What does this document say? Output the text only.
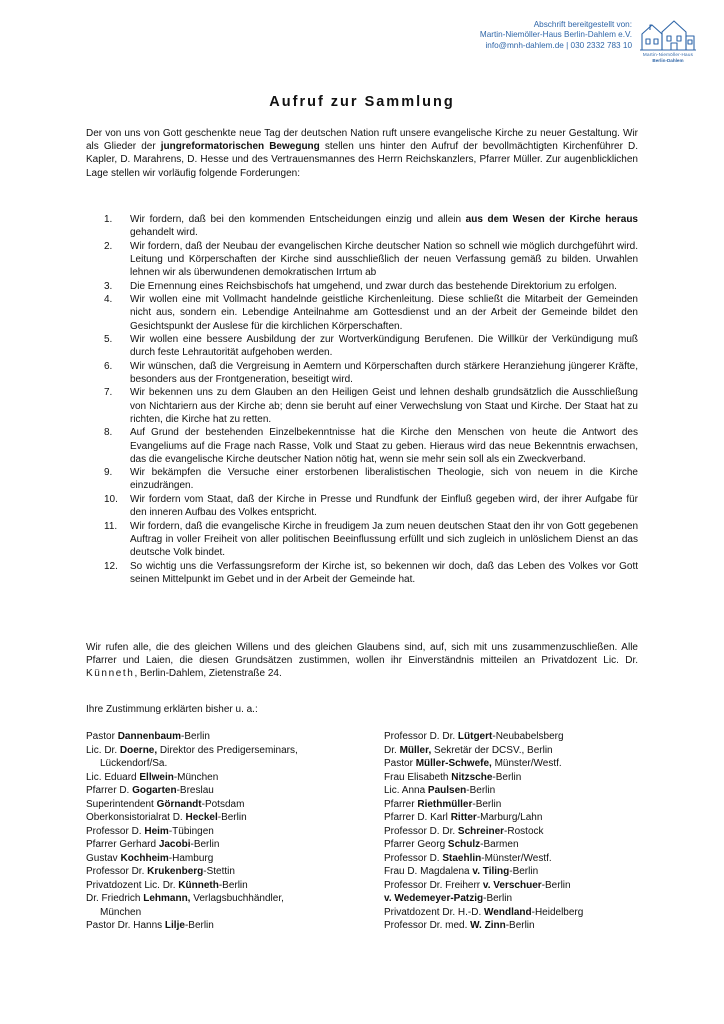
Abschrift bereitgestellt von:
Martin-Niemöller-Haus Berlin-Dahlem e.V.
info@mnh-dahlem.de | 030 2332 783 10
Martin-Niemöller-Haus
Berlin-Dahlem
Aufruf zur Sammlung

Der von uns von Gott geschenkte neue Tag der deutschen Nation ruft unsere evangelische Kirche zu neuer Gestaltung. Wir als Glieder der jungreformatorischen Bewegung stellen uns hinter den Aufruf der bevollmächtigten Kirchenführer D. Kapler, D. Marahrens, D. Hesse und des Vertrauensmannes des Herrn Reichskanzlers, Pfarrer Müller. Zur augenblicklichen Lage stellen wir vorläufig folgende Forderungen:

1.	Wir fordern, daß bei den kommenden Entscheidungen einzig und allein aus dem Wesen der Kirche heraus gehandelt wird.
2.	Wir fordern, daß der Neubau der evangelischen Kirche deutscher Nation so schnell wie möglich durchgeführt wird. Leitung und Körperschaften der Kirche sind ausschließlich der neuen Verfassung gemäß zu bilden. Urwahlen lehnen wir als überwundenen demokratischen Irrtum ab
3.	Die Ernennung eines Reichsbischofs hat umgehend, und zwar durch das bestehende Direktorium zu erfolgen.
4.	Wir wollen eine mit Vollmacht handelnde geistliche Kirchenleitung. Diese schließt die Mitarbeit der Gemeinden nicht aus, sondern ein. Lebendige Anteilnahme am Gottesdienst und an der Arbeit der Gemeinde bildet den Gesichtspunkt der Auslese für die kirchlichen Körperschaften.
5.	Wir wollen eine bessere Ausbildung der zur Wortverkündigung Berufenen. Die Willkür der Verkündigung muß durch feste Lehrautorität aufgehoben werden.
6.	Wir wünschen, daß die Vergreisung in Aemtern und Körperschaften durch stärkere Heranziehung jüngerer Kräfte, besonders aus der Frontgeneration, beseitigt wird.
7.	Wir bekennen uns zu dem Glauben an den Heiligen Geist und lehnen deshalb grundsätzlich die Ausschließung von Nichtariern aus der Kirche ab; denn sie beruht auf einer Verwechslung von Staat und Kirche. Der Staat hat zu richten, die Kirche hat zu retten.
8.	Auf Grund der bestehenden Einzelbekenntnisse hat die Kirche den Menschen von heute die Antwort des Evangeliums auf die Frage nach Rasse, Volk und Staat zu geben. Hieraus wird das neue Bekenntnis erwachsen, das die evangelische Kirche deutscher Nation nötig hat, wenn sie mehr sein soll als ein Zweckverband.
9.	Wir bekämpfen die Versuche einer erstorbenen liberalistischen Theologie, sich von neuem in die Kirche einzudrängen.
10.	Wir fordern vom Staat, daß der Kirche in Presse und Rundfunk der Einfluß gegeben wird, der ihrer Aufgabe für den inneren Aufbau des Volkes entspricht.
11.	Wir fordern, daß die evangelische Kirche in freudigem Ja zum neuen deutschen Staat den ihr von Gott gegebenen Auftrag in voller Freiheit von aller politischen Beeinflussung erfüllt und sich zugleich in unlöslichem Dienst an das deutsche Volk bindet.
12.	So wichtig uns die Verfassungsreform der Kirche ist, so bekennen wir doch, daß das Leben des Volkes vor Gott seinen Mittelpunkt im Gebet und in der Arbeit der Gemeinde hat.

Wir rufen alle, die des gleichen Willens und des gleichen Glaubens sind, auf, sich mit uns zusammenzuschließen. Alle Pfarrer und Laien, die diesen Grundsätzen zustimmen, wollen ihr Einverständnis mitteilen an Privatdozent Lic. Dr. Künneth, Berlin-Dahlem, Zietenstraße 24.

Ihre Zustimmung erklärten bisher u. a.:

Pastor Dannenbaum-Berlin
Lic. Dr. Doerne, Direktor des Predigerseminars,
Lückendorf/Sa.
Lic. Eduard Ellwein-München
Pfarrer D. Gogarten-Breslau
Superintendent Görnandt-Potsdam
Oberkonsistorialrat D. Heckel-Berlin
Professor D. Heim-Tübingen
Pfarrer Gerhard Jacobi-Berlin
Gustav Kochheim-Hamburg
Professor Dr. Krukenberg-Stettin
Privatdozent Lic. Dr. Künneth-Berlin
Dr. Friedrich Lehmann, Verlagsbuchhändler,
München
Pastor Dr. Hanns Lilje-Berlin
Professor D. Dr. Lütgert-Neubabelsberg
Dr. Müller, Sekretär der DCSV., Berlin
Pastor Müller-Schwefe, Münster/Westf.
Frau Elisabeth Nitzsche-Berlin
Lic. Anna Paulsen-Berlin
Pfarrer Riethmüller-Berlin
Pfarrer D. Karl Ritter-Marburg/Lahn
Professor D. Dr. Schreiner-Rostock
Pfarrer Georg Schulz-Barmen
Professor D. Staehlin-Münster/Westf.
Frau D. Magdalena v. Tiling-Berlin
Professor Dr. Freiherr v. Verschuer-Berlin
v. Wedemeyer-Patzig-Berlin
Privatdozent Dr. H.-D. Wendland-Heidelberg
Professor Dr. med. W. Zinn-Berlin
